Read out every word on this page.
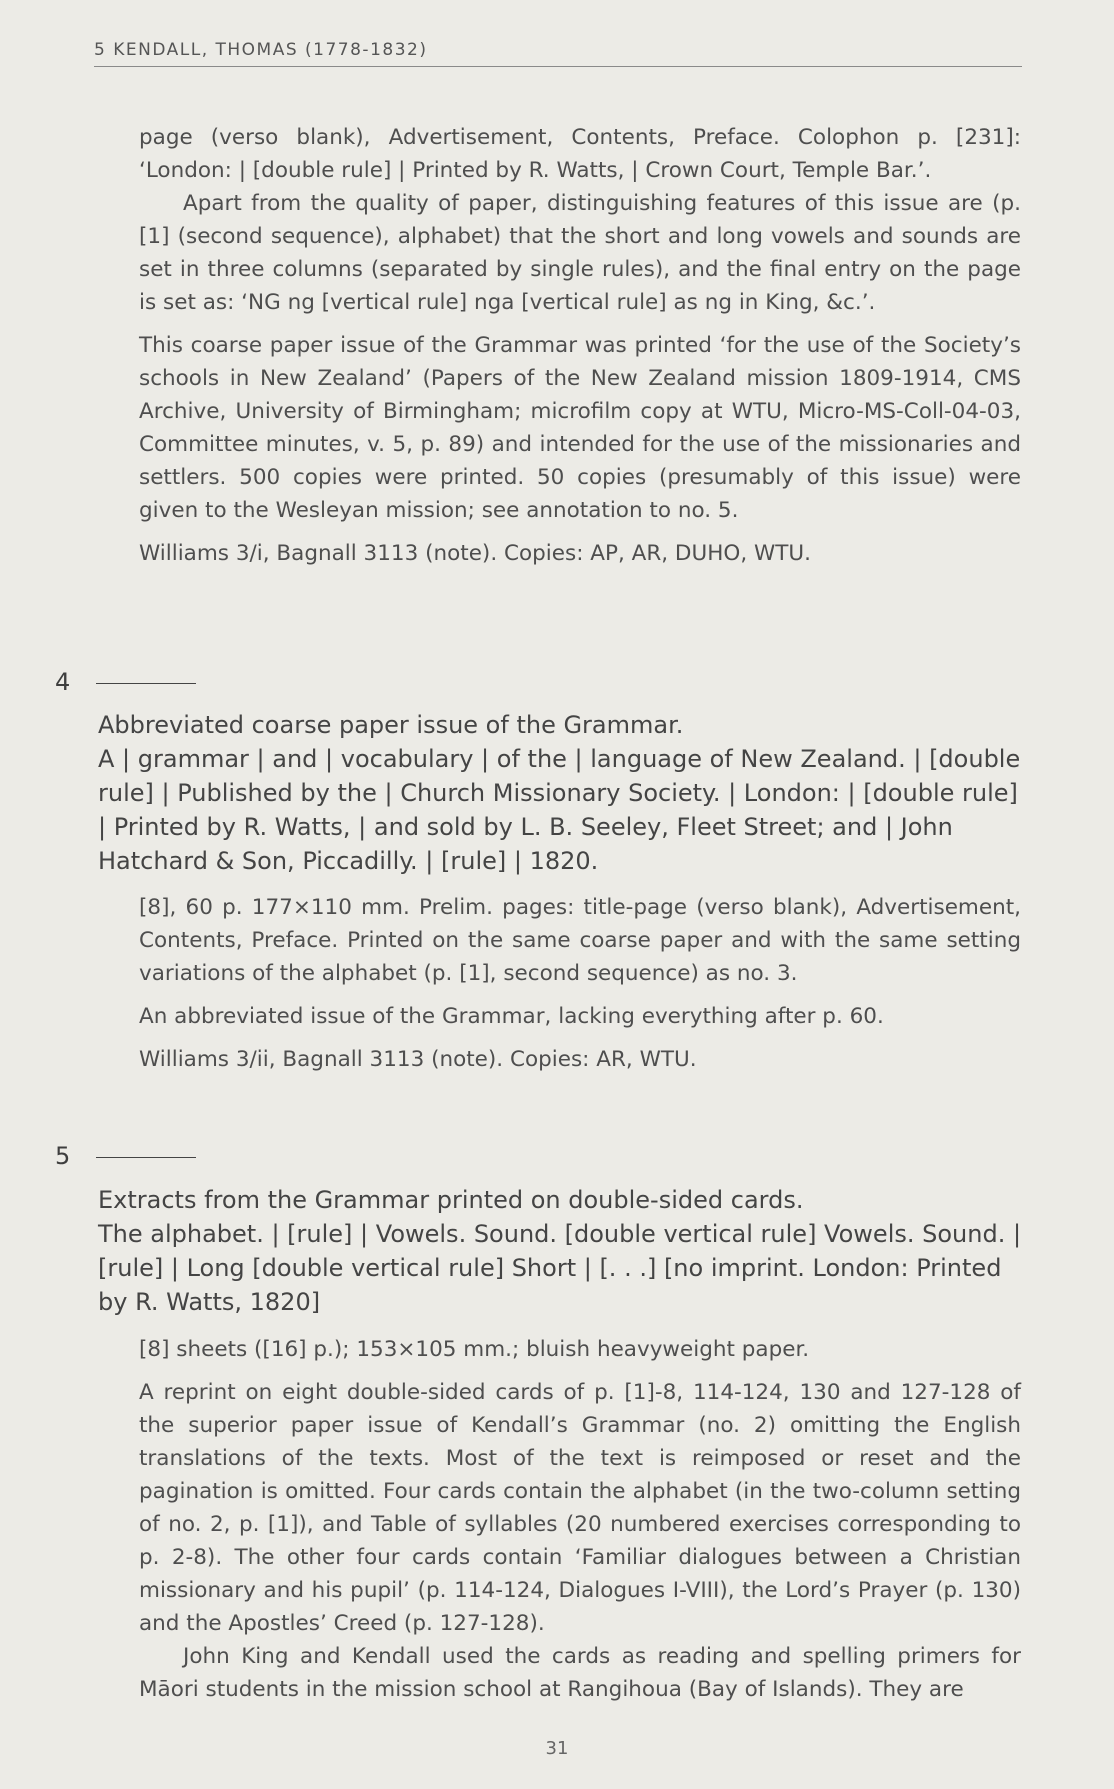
5 KENDALL, THOMAS (1778-1832)

page (verso blank), Advertisement, Contents, Preface. Colophon p. [231]: ‘London: | [double rule] | Printed by R. Watts, | Crown Court, Temple Bar.’.

Apart from the quality of paper, distinguishing features of this issue are (p. [1] (second sequence), alphabet) that the short and long vowels and sounds are set in three columns (separated by single rules), and the final entry on the page is set as: ‘NG ng [vertical rule] nga [vertical rule] as ng in King, &c.’.

This coarse paper issue of the Grammar was printed ‘for the use of the Society’s schools in New Zealand’ (Papers of the New Zealand mission 1809-1914, CMS Archive, University of Birmingham; microfilm copy at WTU, Micro-MS-Coll-04-03, Committee minutes, v. 5, p. 89) and intended for the use of the missionaries and settlers. 500 copies were printed. 50 copies (presumably of this issue) were given to the Wesleyan mission; see annotation to no. 5.

Williams 3/i, Bagnall 3113 (note). Copies: AP, AR, DUHO, WTU.

4

Abbreviated coarse paper issue of the Grammar.

A | grammar | and | vocabulary | of the | language of New Zealand. | [double rule] | Published by the | Church Missionary Society. | London: | [double rule] | Printed by R. Watts, | and sold by L. B. Seeley, Fleet Street; and | John Hatchard & Son, Piccadilly. | [rule] | 1820.

[8], 60 p. 177×110 mm. Prelim. pages: title-page (verso blank), Advertisement, Contents, Preface. Printed on the same coarse paper and with the same setting variations of the alphabet (p. [1], second sequence) as no. 3.

An abbreviated issue of the Grammar, lacking everything after p. 60.

Williams 3/ii, Bagnall 3113 (note). Copies: AR, WTU.

5

Extracts from the Grammar printed on double-sided cards.

The alphabet. | [rule] | Vowels. Sound. [double vertical rule] Vowels. Sound. | [rule] | Long [double vertical rule] Short | [. . .] [no imprint. London: Printed by R. Watts, 1820]

[8] sheets ([16] p.); 153×105 mm.; bluish heavyweight paper.

A reprint on eight double-sided cards of p. [1]-8, 114-124, 130 and 127-128 of the superior paper issue of Kendall’s Grammar (no. 2) omitting the English translations of the texts. Most of the text is reimposed or reset and the pagination is omitted. Four cards contain the alphabet (in the two-column setting of no. 2, p. [1]), and Table of syllables (20 numbered exercises corresponding to p. 2-8). The other four cards contain ‘Familiar dialogues between a Christian missionary and his pupil’ (p. 114-124, Dialogues I-VIII), the Lord’s Prayer (p. 130) and the Apostles’ Creed (p. 127-128).

John King and Kendall used the cards as reading and spelling primers for Māori students in the mission school at Rangihoua (Bay of Islands). They are

31
